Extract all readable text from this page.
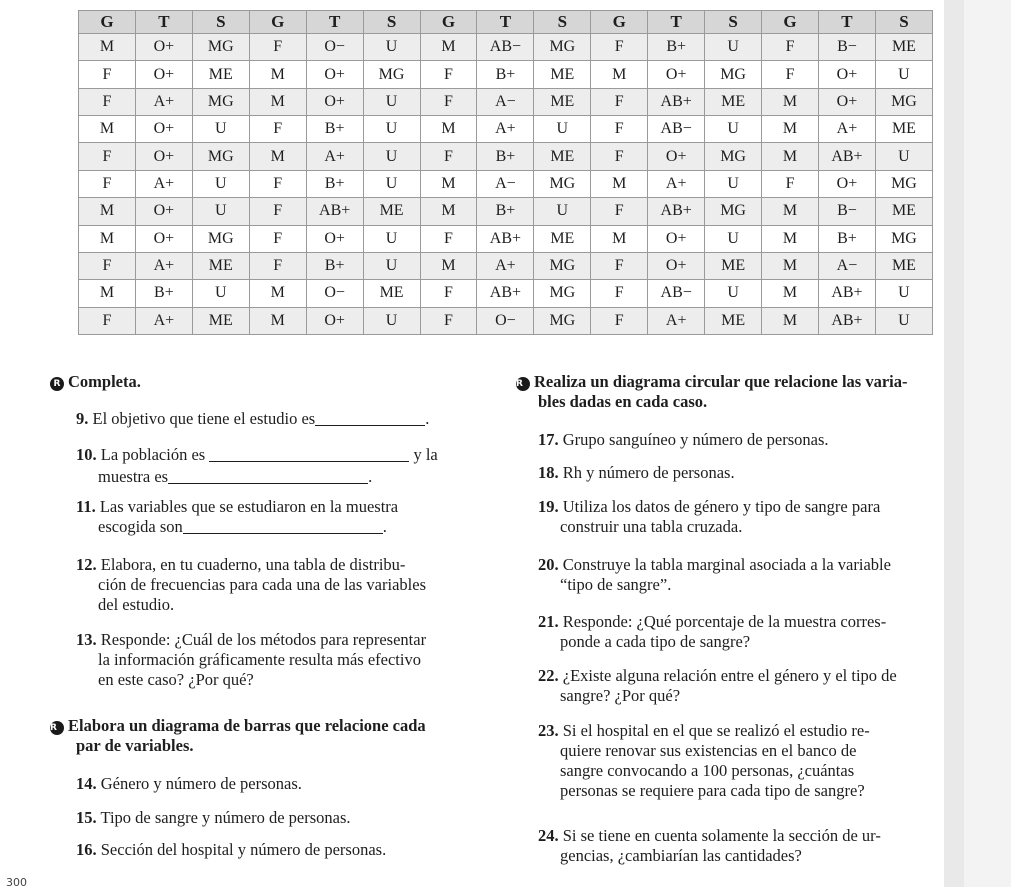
G	T	S	G	T	S	G	T	S	G	T	S	G	T	S
M	O+	MG	F	O−	U	M	AB−	MG	F	B+	U	F	B−	ME
F	O+	ME	M	O+	MG	F	B+	ME	M	O+	MG	F	O+	U
F	A+	MG	M	O+	U	F	A−	ME	F	AB+	ME	M	O+	MG
M	O+	U	F	B+	U	M	A+	U	F	AB−	U	M	A+	ME
F	O+	MG	M	A+	U	F	B+	ME	F	O+	MG	M	AB+	U
F	A+	U	F	B+	U	M	A−	MG	M	A+	U	F	O+	MG
M	O+	U	F	AB+	ME	M	B+	U	F	AB+	MG	M	B−	ME
M	O+	MG	F	O+	U	F	AB+	ME	M	O+	U	M	B+	MG
F	A+	ME	F	B+	U	M	A+	MG	F	O+	ME	M	A−	ME
M	B+	U	M	O−	ME	F	AB+	MG	F	AB−	U	M	AB+	U
F	A+	ME	M	O+	U	F	O−	MG	F	A+	ME	M	AB+	U
R Completa.
9. El objetivo que tiene el estudio es	.
10. La población es	y la
muestra es	.
11. Las variables que se estudiaron en la muestra
escogida son	.
12. Elabora, en tu cuaderno, una tabla de distribu-
ción de frecuencias para cada una de las variables
del estudio.
13. Responde: ¿Cuál de los métodos para representar
la información gráficamente resulta más efectivo
en este caso? ¿Por qué?
R Elabora un diagrama de barras que relacione cada
par de variables.
14. Género y número de personas.
15. Tipo de sangre y número de personas.
16. Sección del hospital y número de personas.
R Realiza un diagrama circular que relacione las varia-
bles dadas en cada caso.
17. Grupo sanguíneo y número de personas.
18. Rh y número de personas.
19. Utiliza los datos de género y tipo de sangre para
construir una tabla cruzada.
20. Construye la tabla marginal asociada a la variable
“tipo de sangre”.
21. Responde: ¿Qué porcentaje de la muestra corres-
ponde a cada tipo de sangre?
22. ¿Existe alguna relación entre el género y el tipo de
sangre? ¿Por qué?
23. Si el hospital en el que se realizó el estudio re-
quiere renovar sus existencias en el banco de
sangre convocando a 100 personas, ¿cuántas
personas se requiere para cada tipo de sangre?
24. Si se tiene en cuenta solamente la sección de ur-
gencias, ¿cambiarían las cantidades?
300
